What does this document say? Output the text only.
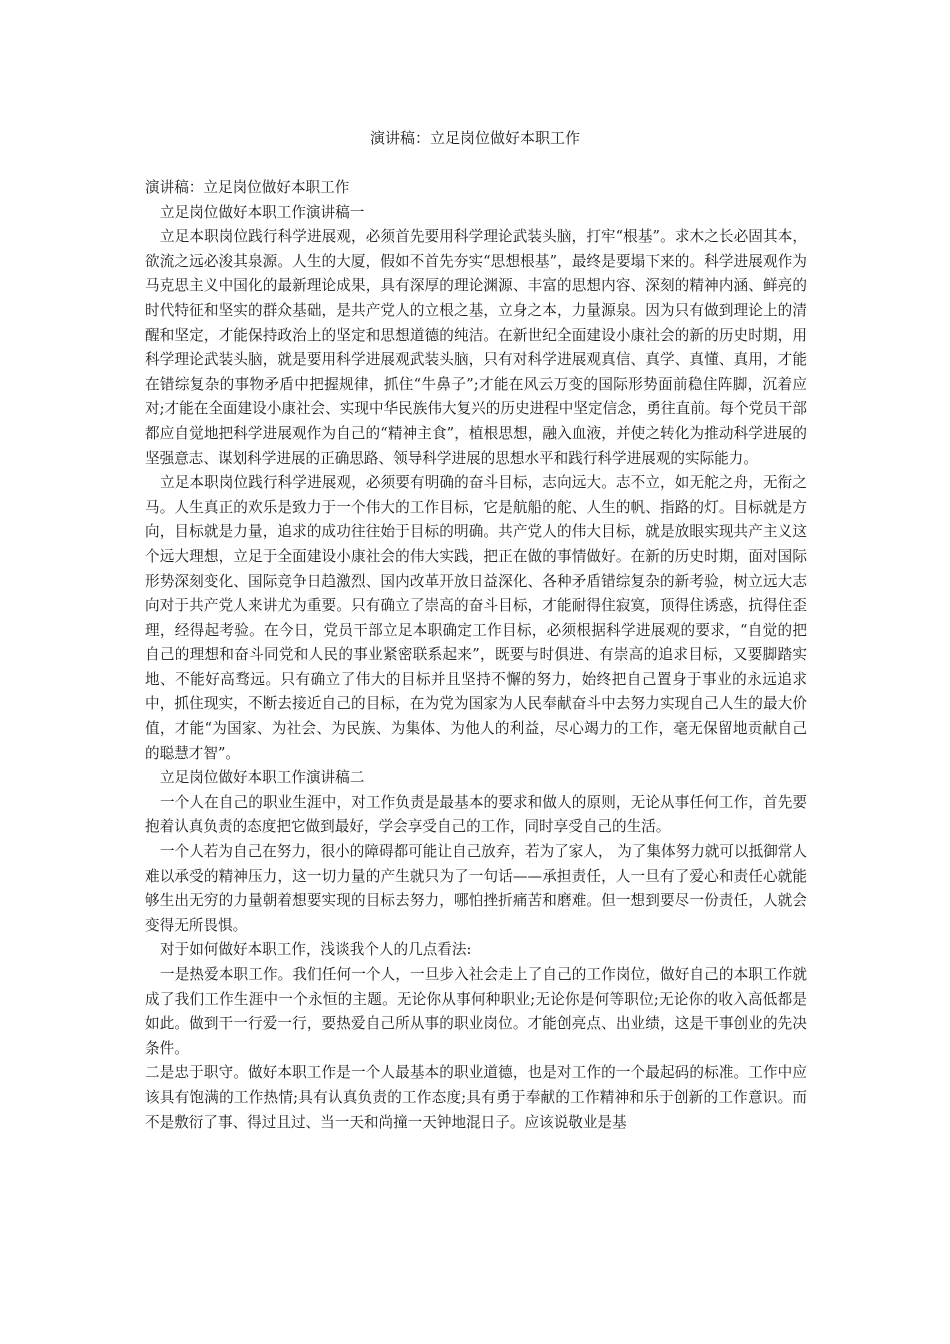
演讲稿：立足岗位做好本职工作

演讲稿：立足岗位做好本职工作

立足岗位做好本职工作演讲稿一

立足本职岗位践行科学进展观，必须首先要用科学理论武装头脑，打牢“根基”。求木之长必固其本，欲流之远必浚其泉源。人生的大厦，假如不首先夯实“思想根基”，最终是要塌下来的。科学进展观作为马克思主义中国化的最新理论成果，具有深厚的理论渊源、丰富的思想内容、深刻的精神内涵、鲜亮的时代特征和坚实的群众基础，是共产党人的立根之基，立身之本，力量源泉。因为只有做到理论上的清醒和坚定，才能保持政治上的坚定和思想道德的纯洁。在新世纪全面建设小康社会的新的历史时期，用科学理论武装头脑，就是要用科学进展观武装头脑，只有对科学进展观真信、真学、真懂、真用，才能在错综复杂的事物矛盾中把握规律，抓住“牛鼻子”;才能在风云万变的国际形势面前稳住阵脚，沉着应对;才能在全面建设小康社会、实现中华民族伟大复兴的历史进程中坚定信念，勇往直前。每个党员干部都应自觉地把科学进展观作为自己的“精神主食”，植根思想，融入血液，并使之转化为推动科学进展的坚强意志、谋划科学进展的正确思路、领导科学进展的思想水平和践行科学进展观的实际能力。

立足本职岗位践行科学进展观，必须要有明确的奋斗目标，志向远大。志不立，如无舵之舟，无衔之马。人生真正的欢乐是致力于一个伟大的工作目标，它是航船的舵、人生的帆、指路的灯。目标就是方向，目标就是力量，追求的成功往往始于目标的明确。共产党人的伟大目标，就是放眼实现共产主义这个远大理想，立足于全面建设小康社会的伟大实践，把正在做的事情做好。在新的历史时期，面对国际形势深刻变化、国际竞争日趋激烈、国内改革开放日益深化、各种矛盾错综复杂的新考验，树立远大志向对于共产党人来讲尤为重要。只有确立了崇高的奋斗目标，才能耐得住寂寞，顶得住诱惑，抗得住歪理，经得起考验。在今日，党员干部立足本职确定工作目标，必须根据科学进展观的要求，“自觉的把自己的理想和奋斗同党和人民的事业紧密联系起来”，既要与时俱进、有崇高的追求目标，又要脚踏实地、不能好高骛远。只有确立了伟大的目标并且坚持不懈的努力，始终把自己置身于事业的永远追求中，抓住现实，不断去接近自己的目标，在为党为国家为人民奉献奋斗中去努力实现自己人生的最大价值，才能“为国家、为社会、为民族、为集体、为他人的利益，尽心竭力的工作，毫无保留地贡献自己的聪慧才智”。

立足岗位做好本职工作演讲稿二

一个人在自己的职业生涯中，对工作负责是最基本的要求和做人的原则，无论从事任何工作，首先要抱着认真负责的态度把它做到最好，学会享受自己的工作，同时享受自己的生活。

一个人若为自己在努力，很小的障碍都可能让自己放弃，若为了家人， 为了集体努力就可以抵御常人难以承受的精神压力，这一切力量的产生就只为了一句话——承担责任，人一旦有了爱心和责任心就能够生出无穷的力量朝着想要实现的目标去努力，哪怕挫折痛苦和磨难。但一想到要尽一份责任，人就会变得无所畏惧。

对于如何做好本职工作，浅谈我个人的几点看法:

一是热爱本职工作。我们任何一个人，一旦步入社会走上了自己的工作岗位，做好自己的本职工作就成了我们工作生涯中一个永恒的主题。无论你从事何种职业;无论你是何等职位;无论你的收入高低都是如此。做到干一行爱一行，要热爱自己所从事的职业岗位。才能创亮点、出业绩，这是干事创业的先决条件。

二是忠于职守。做好本职工作是一个人最基本的职业道德，也是对工作的一个最起码的标准。工作中应该具有饱满的工作热情;具有认真负责的工作态度;具有勇于奉献的工作精神和乐于创新的工作意识。而不是敷衍了事、得过且过、当一天和尚撞一天钟地混日子。应该说敬业是基
